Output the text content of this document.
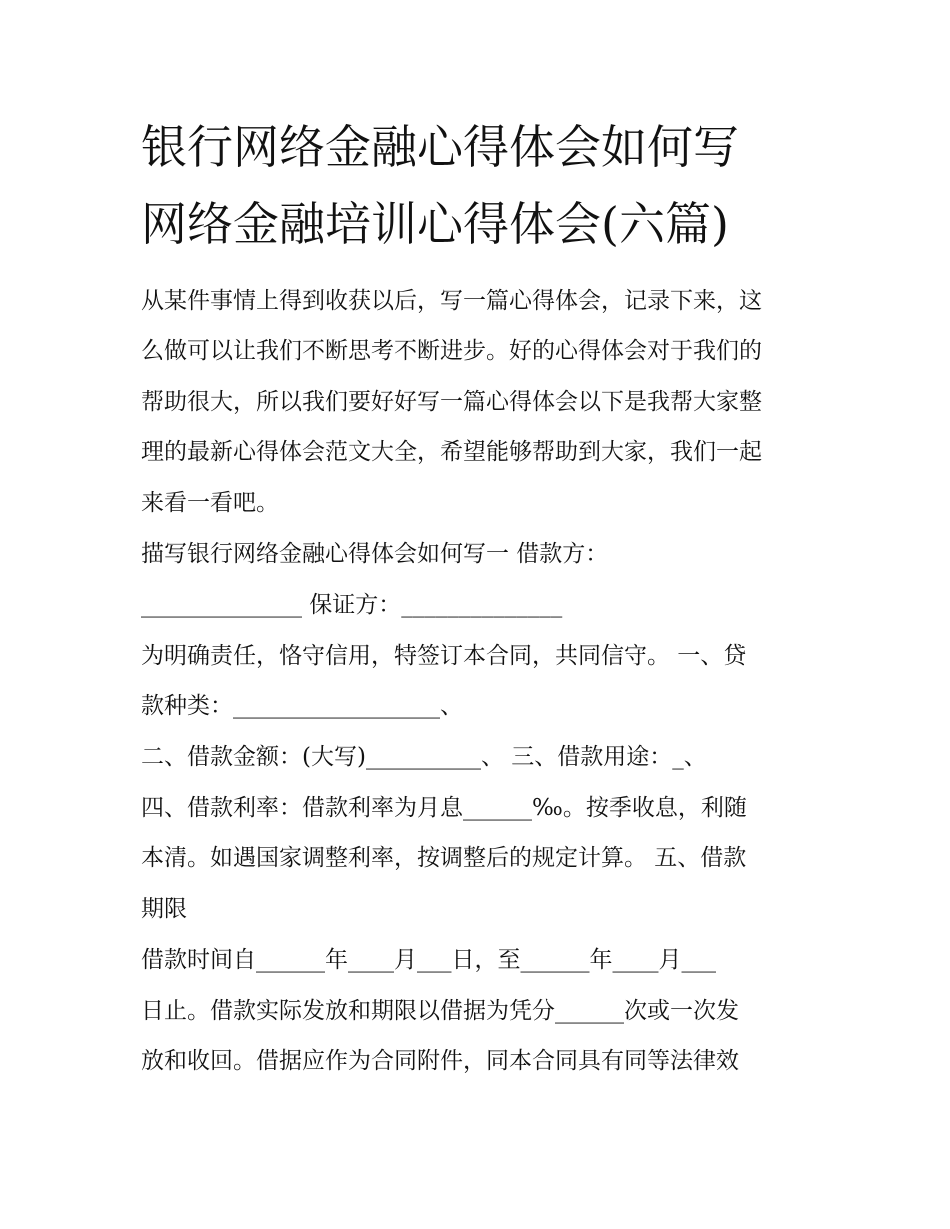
银行网络金融心得体会如何写
网络金融培训心得体会(六篇)
从某件事情上得到收获以后，写一篇心得体会，记录下来，这
么做可以让我们不断思考不断进步。好的心得体会对于我们的
帮助很大，所以我们要好好写一篇心得体会以下是我帮大家整
理的最新心得体会范文大全，希望能够帮助到大家，我们一起
来看一看吧。
描写银行网络金融心得体会如何写一 借款方：
______________ 保证方：______________
为明确责任，恪守信用，特签订本合同，共同信守。 一、贷
款种类：__________________、
二、借款金额：(大写)__________、 三、借款用途：_、
四、借款利率：借款利率为月息______‰。按季收息，利随
本清。如遇国家调整利率，按调整后的规定计算。 五、借款
期限
借款时间自______年____月___日，至______年____月___
日止。借款实际发放和期限以借据为凭分______次或一次发
放和收回。借据应作为合同附件，同本合同具有同等法律效
